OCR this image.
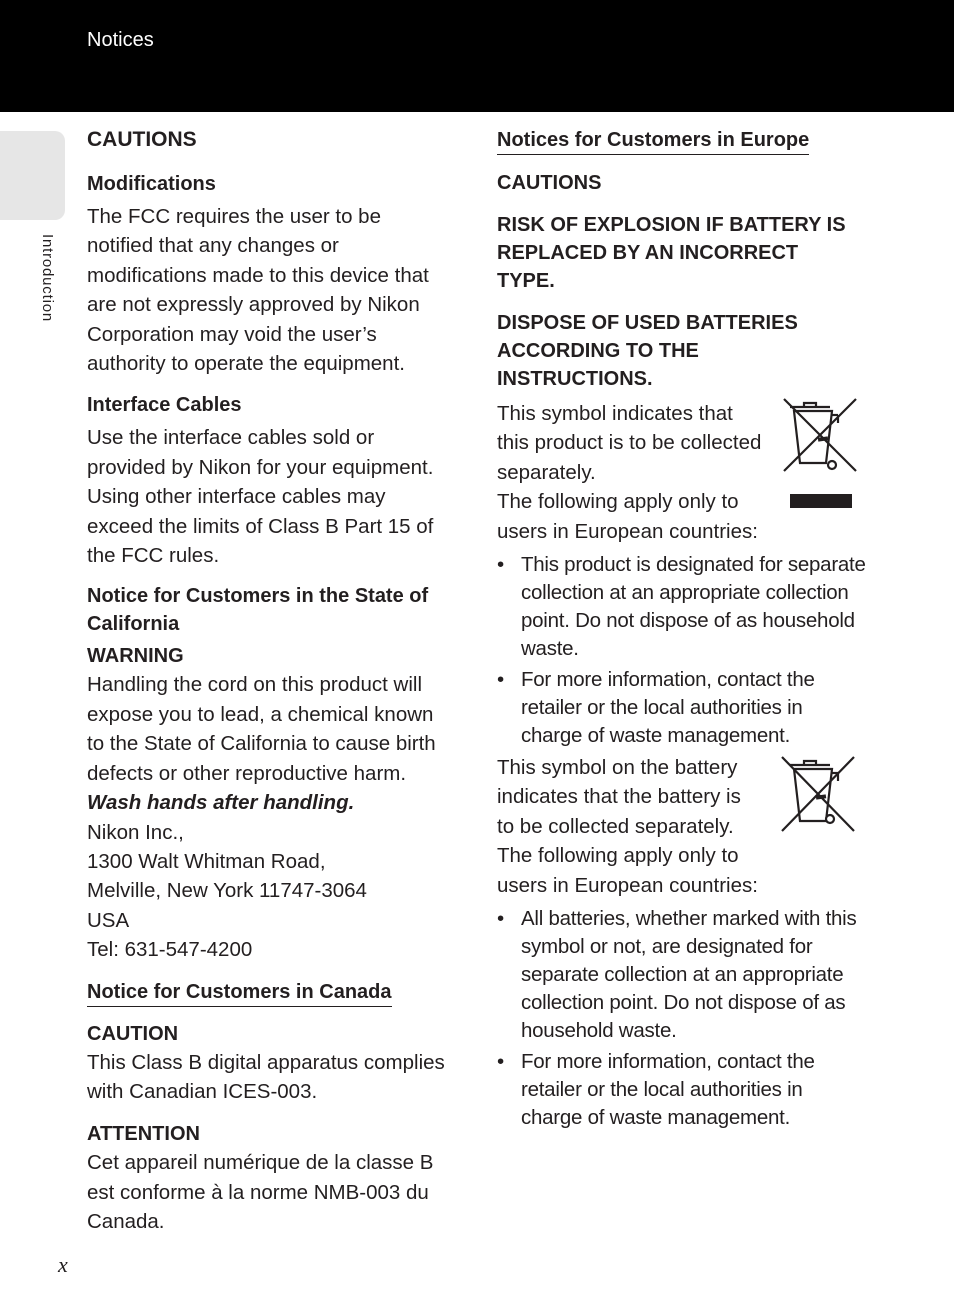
Notices
Introduction
CAUTIONS
Modifications
The FCC requires the user to be
notified that any changes or
modifications made to this device that
are not expressly approved by Nikon
Corporation may void the user’s
authority to operate the equipment.
Interface Cables
Use the interface cables sold or
provided by Nikon for your equipment.
Using other interface cables may
exceed the limits of Class B Part 15 of
the FCC rules.
Notice for Customers in the State of
California
WARNING
Handling the cord on this product will
expose you to lead, a chemical known
to the State of California to cause birth
defects or other reproductive harm.
Wash hands after handling.
Nikon Inc.,
1300 Walt Whitman Road,
Melville, New York 11747-3064
USA
Tel: 631-547-4200
Notice for Customers in Canada
CAUTION
This Class B digital apparatus complies
with Canadian ICES-003.
ATTENTION
Cet appareil numérique de la classe B
est conforme à la norme NMB-003 du
Canada.
Notices for Customers in Europe
CAUTIONS
RISK OF EXPLOSION IF BATTERY IS
REPLACED BY AN INCORRECT
TYPE.
DISPOSE OF USED BATTERIES
ACCORDING TO THE
INSTRUCTIONS.
This symbol indicates that
this product is to be collected
separately.
The following apply only to
users in European countries:
• This product is designated for separate collection at an appropriate collection point. Do not dispose of as household waste.
• For more information, contact the retailer or the local authorities in charge of waste management.
This symbol on the battery
indicates that the battery is
to be collected separately.
The following apply only to
users in European countries:
• All batteries, whether marked with this symbol or not, are designated for separate collection at an appropriate collection point. Do not dispose of as household waste.
• For more information, contact the retailer or the local authorities in charge of waste management.
x
